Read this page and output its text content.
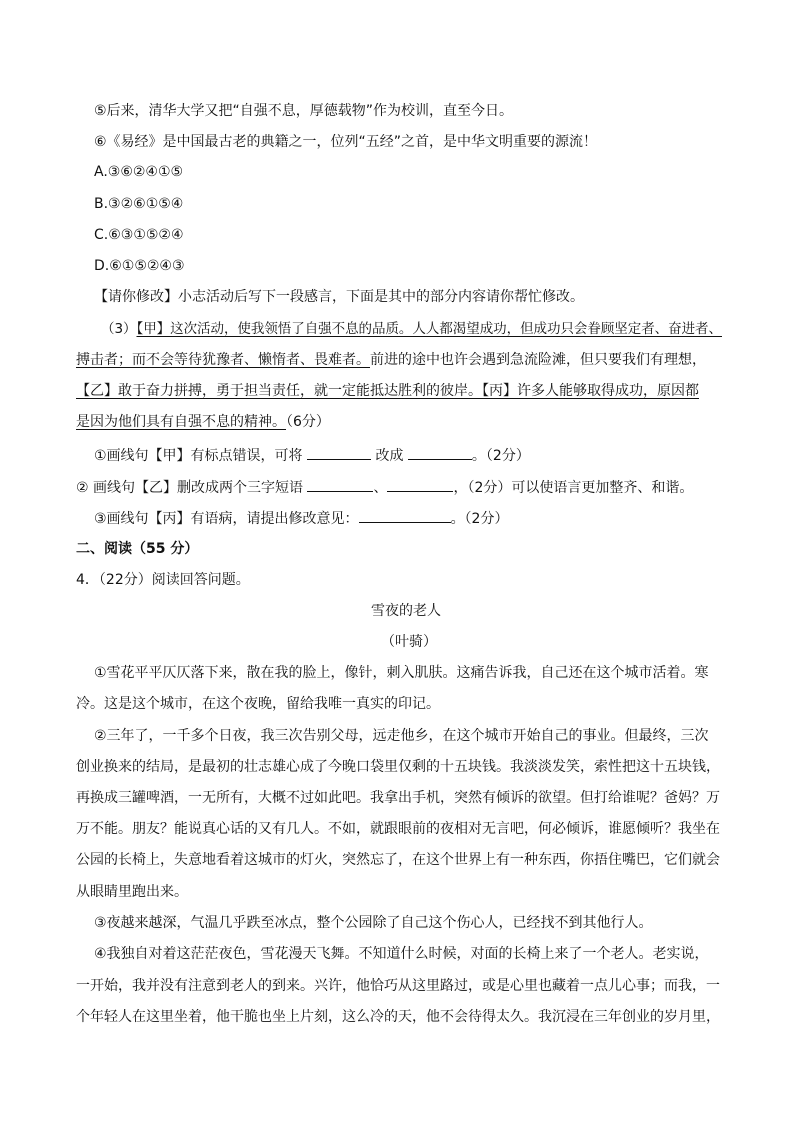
⑤后来，清华大学又把“自强不息，厚德载物”作为校训，直至今日。
⑥《易经》是中国最古老的典籍之一，位列“五经”之首，是中华文明重要的源流！
A.③⑥②④①⑤
B.③②⑥①⑤④
C.⑥③①⑤②④
D.⑥①⑤②④③
【请你修改】小志活动后写下一段感言，下面是其中的部分内容请你帮忙修改。
（3）【甲】这次活动，使我领悟了自强不息的品质。人人都渴望成功，但成功只会眷顾坚定者、奋进者、
搏击者；而不会等待犹豫者、懒惰者、畏难者。前进的途中也许会遇到急流险滩，但只要我们有理想，
【乙】敢于奋力拼搏，勇于担当责任，就一定能抵达胜利的彼岸。【丙】许多人能够取得成功，原因都
是因为他们具有自强不息的精神。（6分）
①画线句【甲】有标点错误，可将	改成	。（2分）
② 画线句【乙】删改成两个三字短语	、	，（2分）可以使语言更加整齐、和谐。
③画线句【丙】有语病，请提出修改意见：	。（2分）
二、阅读（55 分）
4．（22分）阅读回答问题。
雪夜的老人
（叶骑）
①雪花平平仄仄落下来，散在我的脸上，像针，刺入肌肤。这痛告诉我，自己还在这个城市活着。寒
冷。这是这个城市，在这个夜晚，留给我唯一真实的印记。
②三年了，一千多个日夜，我三次告别父母，远走他乡，在这个城市开始自己的事业。但最终，三次
创业换来的结局，是最初的壮志雄心成了今晚口袋里仅剩的十五块钱。我淡淡发笑，索性把这十五块钱，
再换成三罐啤酒，一无所有，大概不过如此吧。我拿出手机，突然有倾诉的欲望。但打给谁呢？爸妈？万
万不能。朋友？能说真心话的又有几人。不如，就跟眼前的夜相对无言吧，何必倾诉，谁愿倾听？我坐在
公园的长椅上，失意地看着这城市的灯火，突然忘了，在这个世界上有一种东西，你捂住嘴巴，它们就会
从眼睛里跑出来。
③夜越来越深，气温几乎跌至冰点，整个公园除了自己这个伤心人，已经找不到其他行人。
④我独自对着这茫茫夜色，雪花漫天飞舞。不知道什么时候，对面的长椅上来了一个老人。老实说，
一开始，我并没有注意到老人的到来。兴许，他恰巧从这里路过，或是心里也藏着一点儿心事；而我，一
个年轻人在这里坐着，他干脆也坐上片刻，这么冷的天，他不会待得太久。我沉浸在三年创业的岁月里，
